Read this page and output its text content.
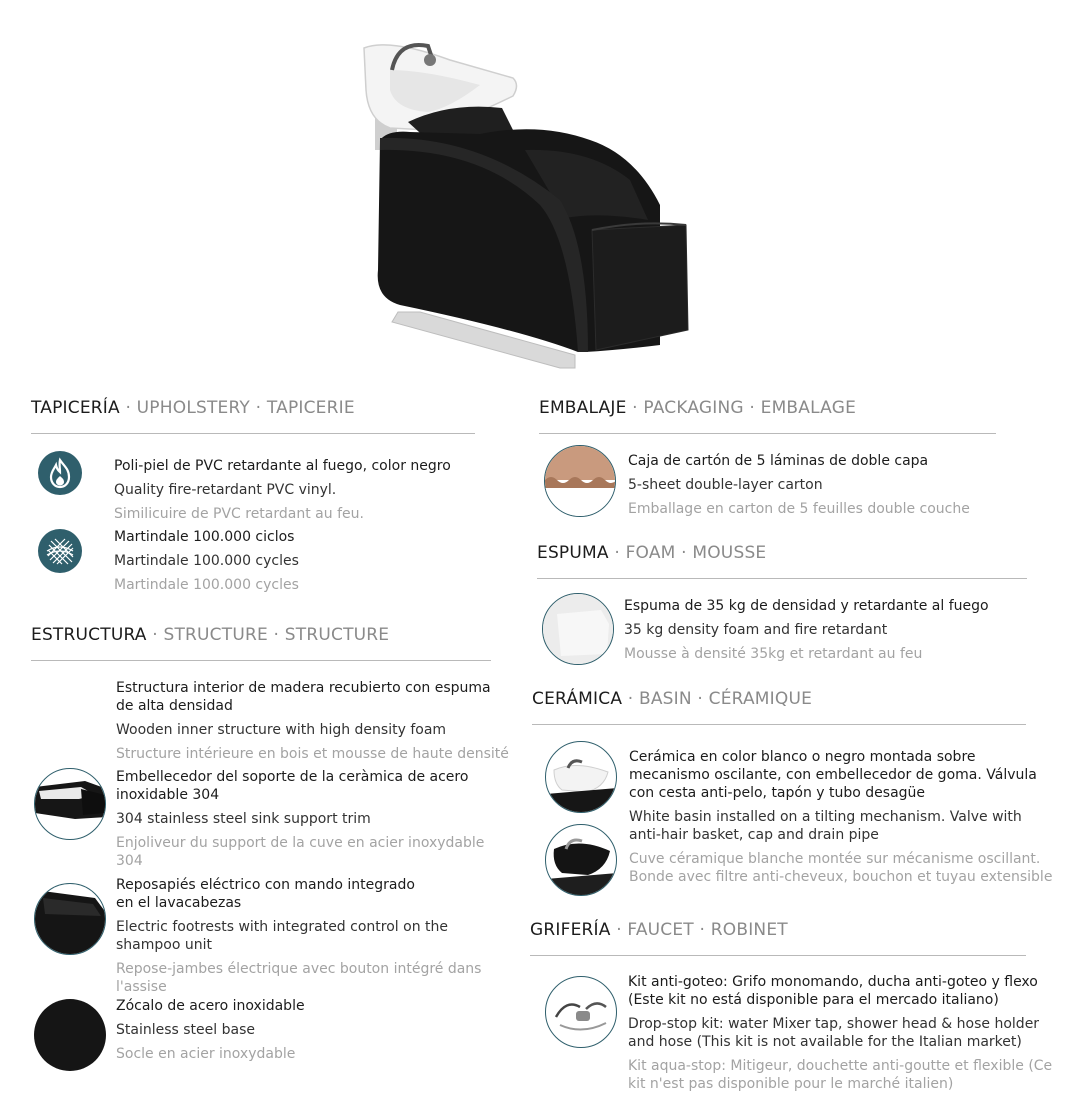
TAPICERÍA · UPHOLSTERY · TAPICERIE
Poli-piel de PVC retardante al fuego, color negro
Quality fire-retardant PVC vinyl.
Similicuire de PVC retardant au feu.
Martindale 100.000 ciclos
Martindale 100.000 cycles
Martindale 100.000 cycles
ESTRUCTURA · STRUCTURE · STRUCTURE
Estructura interior de madera recubierto con espuma
de alta densidad
Wooden inner structure with high density foam
Structure intérieure en bois et mousse de haute densité
Embellecedor del soporte de la ceràmica de acero
inoxidable 304
304 stainless steel sink support trim
Enjoliveur du support de la cuve en acier inoxydable
304
Reposapiés eléctrico con mando integrado
en el lavacabezas
Electric footrests with integrated control on the
shampoo unit
Repose-jambes électrique avec bouton intégré dans
l'assise
Zócalo de acero inoxidable
Stainless steel base
Socle en acier inoxydable
EMBALAJE · PACKAGING · EMBALAGE
Caja de cartón de 5 láminas de doble capa
5-sheet double-layer carton
Emballage en carton de 5 feuilles double couche
ESPUMA · FOAM · MOUSSE
Espuma de 35 kg de densidad y retardante al fuego
35 kg density foam and fire retardant
Mousse à densité 35kg et retardant au feu
CERÁMICA · BASIN · CÉRAMIQUE
Cerámica en color blanco o negro montada sobre
mecanismo oscilante, con embellecedor de goma. Válvula
con cesta anti-pelo, tapón y tubo desagüe
White basin installed on a tilting mechanism. Valve with
anti-hair basket, cap and drain pipe
Cuve céramique blanche montée sur mécanisme oscillant.
Bonde avec filtre anti-cheveux, bouchon et tuyau extensible
GRIFERÍA · FAUCET · ROBINET
Kit anti-goteo: Grifo monomando, ducha anti-goteo y flexo
(Este kit no está disponible para el mercado italiano)
Drop-stop kit: water Mixer tap, shower head & hose holder
and hose (This kit is not available for the Italian market)
Kit aqua-stop: Mitigeur, douchette anti-goutte et flexible (Ce
kit n'est pas disponible pour le marché italien)
